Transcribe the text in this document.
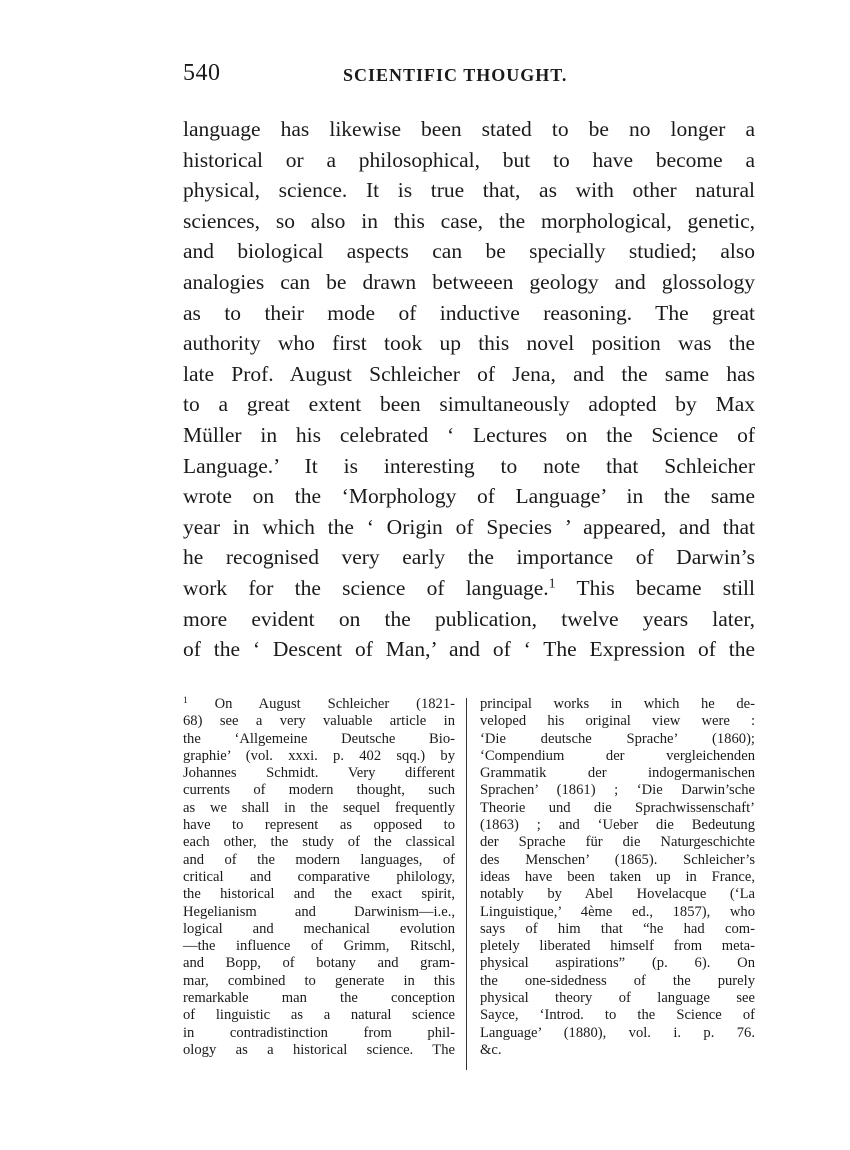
540	SCIENTIFIC THOUGHT.
language has likewise been stated to be no longer a
historical or a philosophical, but to have become a
physical, science. It is true that, as with other natural
sciences, so also in this case, the morphological, genetic,
and biological aspects can be specially studied; also
analogies can be drawn betweeen geology and glossology
as to their mode of inductive reasoning. The great
authority who first took up this novel position was the
late Prof. August Schleicher of Jena, and the same has
to a great extent been simultaneously adopted by Max
Müller in his celebrated ‘ Lectures on the Science of
Language.’ It is interesting to note that Schleicher
wrote on the ‘Morphology of Language’ in the same
year in which the ‘ Origin of Species ’ appeared, and that
he recognised very early the importance of Darwin’s
work for the science of language.$^1$ This became still
more evident on the publication, twelve years later,
of the ‘ Descent of Man,’ and of ‘ The Expression of the
$^1$ On August Schleicher (1821-
68) see a very valuable article in
the ‘Allgemeine Deutsche Bio-
graphie’ (vol. xxxi. p. 402 sqq.) by
Johannes Schmidt. Very different
currents of modern thought, such
as we shall in the sequel frequently
have to represent as opposed to
each other, the study of the classical
and of the modern languages, of
critical and comparative philology,
the historical and the exact spirit,
Hegelianism and Darwinism—i.e.,
logical and mechanical evolution
—the influence of Grimm, Ritschl,
and Bopp, of botany and gram-
mar, combined to generate in this
remarkable man the conception
of linguistic as a natural science
in contradistinction from phil-
ology as a historical science. The
principal works in which he de-
veloped his original view were :
‘Die deutsche Sprache’ (1860);
‘Compendium der vergleichenden
Grammatik der indogermanischen
Sprachen’ (1861) ; ‘Die Darwin’sche
Theorie und die Sprachwissenschaft’
(1863) ; and ‘Ueber die Bedeutung
der Sprache für die Naturgeschichte
des Menschen’ (1865). Schleicher’s
ideas have been taken up in France,
notably by Abel Hovelacque (‘La
Linguistique,’ 4ème ed., 1857), who
says of him that “he had com-
pletely liberated himself from meta-
physical aspirations” (p. 6). On
the one-sidedness of the purely
physical theory of language see
Sayce, ‘Introd. to the Science of
Language’ (1880), vol. i. p. 76.
&c.
